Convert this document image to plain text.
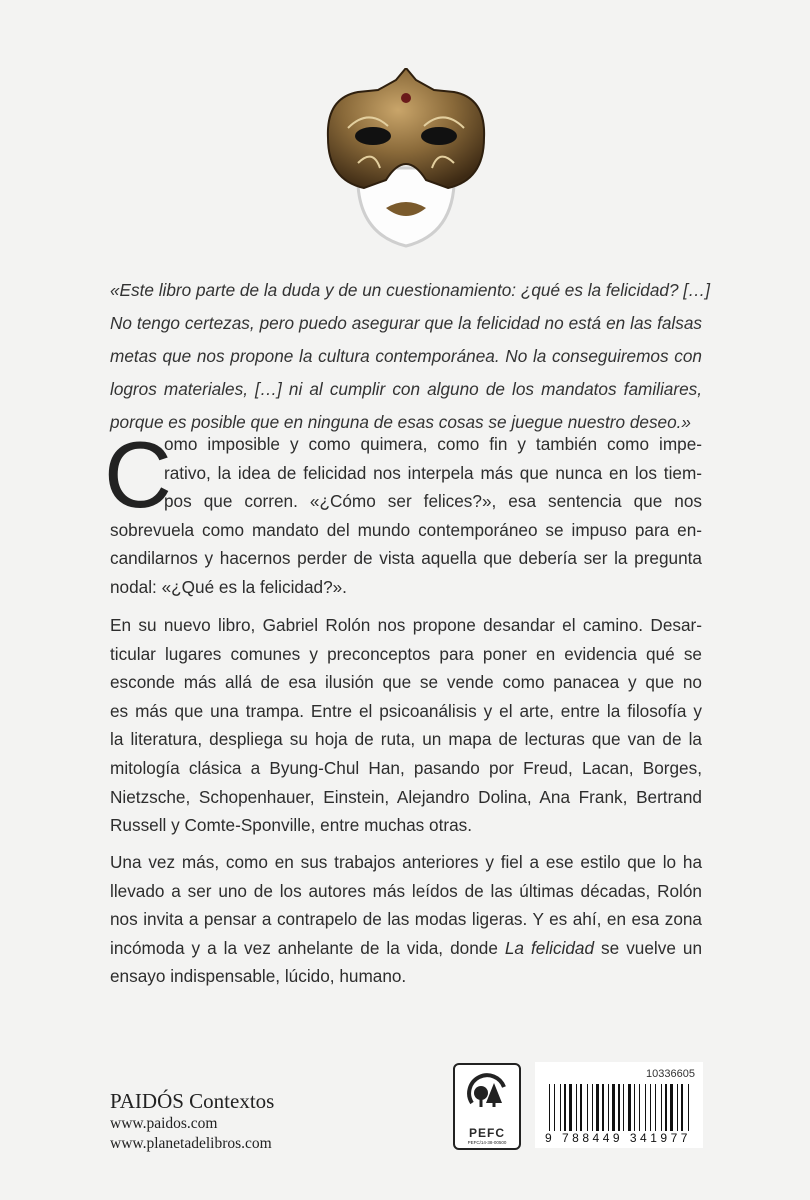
«Este libro parte de la duda y de un cuestionamiento: ¿qué es la felicidad? […]
No tengo certezas, pero puedo asegurar que la felicidad no está en las falsas
metas que nos propone la cultura contemporánea. No la conseguiremos con
logros materiales, […] ni al cumplir con alguno de los mandatos familiares,
porque es posible que en ninguna de esas cosas se juegue nuestro deseo.»
C
omo imposible y como quimera, como fin y también como impe-
rativo, la idea de felicidad nos interpela más que nunca en los tiem-
pos que corren. «¿Cómo ser felices?», esa sentencia que nos
sobrevuela como mandato del mundo contemporáneo se impuso para en-
candilarnos y hacernos perder de vista aquella que debería ser la pregunta
nodal: «¿Qué es la felicidad?».
En su nuevo libro, Gabriel Rolón nos propone desandar el camino. Desar-
ticular lugares comunes y preconceptos para poner en evidencia qué se
esconde más allá de esa ilusión que se vende como panacea y que no
es más que una trampa. Entre el psicoanálisis y el arte, entre la filosofía y
la literatura, despliega su hoja de ruta, un mapa de lecturas que van de la
mitología clásica a Byung-Chul Han, pasando por Freud, Lacan, Borges,
Nietzsche, Schopenhauer, Einstein, Alejandro Dolina, Ana Frank, Bertrand
Russell y Comte-Sponville, entre muchas otras.
Una vez más, como en sus trabajos anteriores y fiel a ese estilo que lo ha
llevado a ser uno de los autores más leídos de las últimas décadas, Rolón
nos invita a pensar a contrapelo de las modas ligeras. Y es ahí, en esa zona
incómoda y a la vez anhelante de la vida, donde La felicidad se vuelve un
ensayo indispensable, lúcido, humano.
PAIDÓS Contextos
www.paidos.com
www.planetadelibros.com
PEFC
PEFC/14-38-00500
10336605
9 788449 341977
